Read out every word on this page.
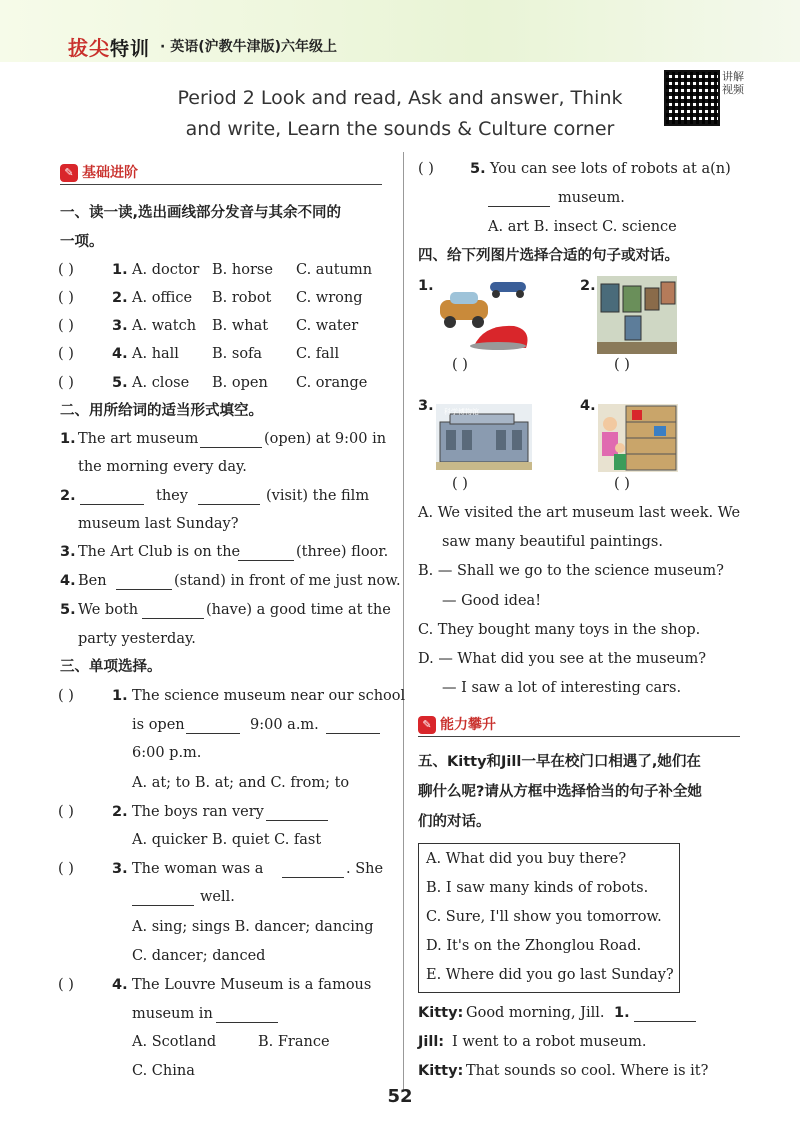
拔尖特训 · 英语(沪教牛津版)六年级上
Period 2 Look and read, Ask and answer, Think
and write, Learn the sounds & Culture corner
讲解视频
✎ 基础进阶
一、读一读,选出画线部分发音与其余不同的
一项。
( )	1. A. doctor B. horse C. autumn
( )	2. A. office B. robot C. wrong
( )	3. A. watch B. what C. water
( )	4. A. hall B. sofa C. fall
( )	5. A. close B. open C. orange
二、用所给词的适当形式填空。
1. The art museum	(open) at 9:00 in
the morning every day.
2.	they	(visit) the film
museum last Sunday?
3. The Art Club is on the	(three) floor.
4. Ben	(stand) in front of me just now.
5. We both	(have) a good time at the
party yesterday.
三、单项选择。
( )	1. The science museum near our school
is open	9:00 a.m.
6:00 p.m.
A. at; to B. at; and C. from; to
( )	2. The boys ran very
A. quicker B. quiet C. fast
( )	3. The woman was a	. She
well.
A. sing; sings B. dancer; dancing
C. dancer; danced
( )	4. The Louvre Museum is a famous
museum in
A. Scotland	B. France
C. China
( ) 5. You can see lots of robots at a(n)
museum.
A. art B. insect C. science
四、给下列图片选择合适的句子或对话。
1.
( )
2.
( )
3. 科学博物馆
( )
4.
( )
A. We visited the art museum last week. We
saw many beautiful paintings.
B. — Shall we go to the science museum?
— Good idea!
C. They bought many toys in the shop.
D. — What did you see at the museum?
— I saw a lot of interesting cars.
✎ 能力攀升
五、Kitty和Jill一早在校门口相遇了,她们在
聊什么呢?请从方框中选择恰当的句子补全她
们的对话。
A. What did you buy there?
B. I saw many kinds of robots.
C. Sure, I'll show you tomorrow.
D. It's on the Zhonglou Road.
E. Where did you go last Sunday?
Kitty: Good morning, Jill. 1.
Jill: I went to a robot museum.
Kitty: That sounds so cool. Where is it?
52
